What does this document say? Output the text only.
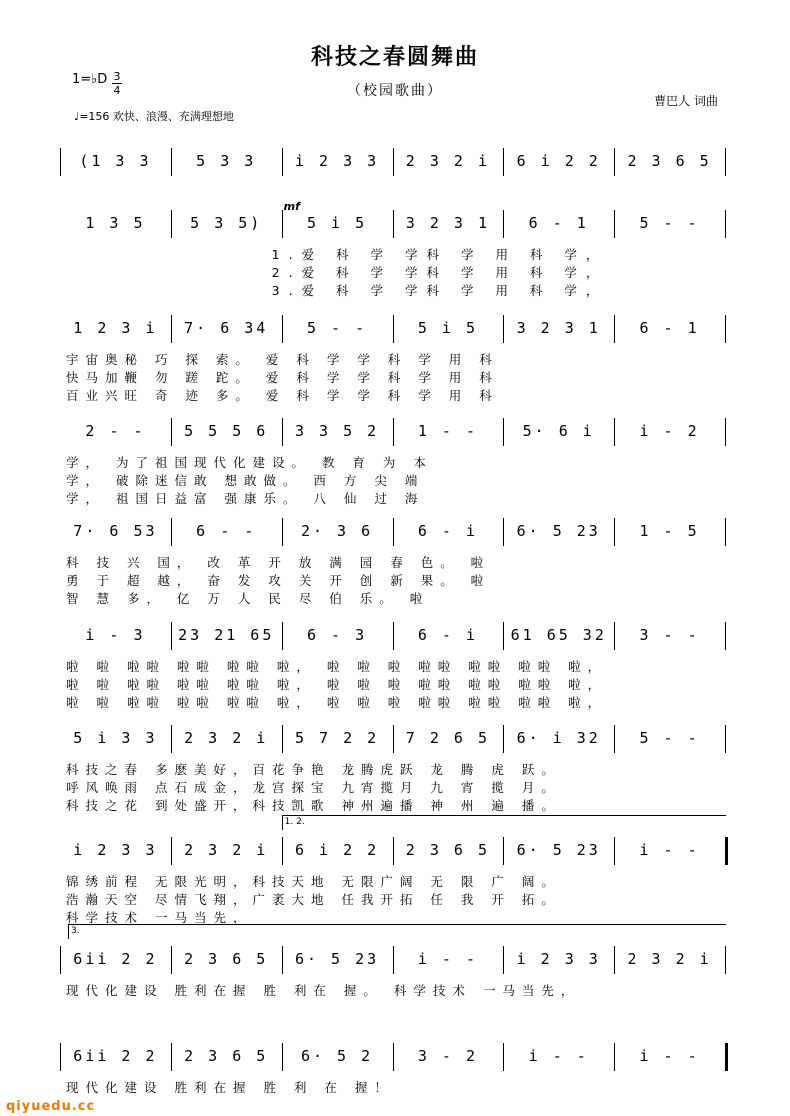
科技之春圆舞曲
（校园歌曲）
曹巴人 词曲
1=♭D 3
4
♩=156 欢快、浪漫、充满理想地
(1 3 3	5 3 3	i 2 3 3	2 3 2 i	6 i 2 2	2 3 6 5
1 3 5	5 3 5)	5 i 5	3 2 3 1	6 - 1	5 - -
mf
1.爱 科 学 学科 学 用 科 学，
2.爱 科 学 学科 学 用 科 学，
3.爱 科 学 学科 学 用 科 学，
1 2 3 i	7· 6 34	5 - -	5 i 5	3 2 3 1	6 - 1
宇宙奥秘 巧 探 索。 爱 科 学 学 科 学 用 科
快马加鞭 勿 蹉 跎。 爱 科 学 学 科 学 用 科
百业兴旺 奇 迹 多。 爱 科 学 学 科 学 用 科
2 - -	5 5 5 6	3 3 5 2	1 - -	5· 6 i	i - 2
学， 为了祖国现代化建设。 教 育 为 本
学， 破除迷信敢 想敢做。 西 方 尖 端
学， 祖国日益富 强康乐。 八 仙 过 海
7· 6 53	6 - -	2· 3 6	6 - i	6· 5 23	1 - 5
科 技 兴 国， 改 革 开 放 满 园 春 色。 啦
勇 于 超 越， 奋 发 攻 关 开 创 新 果。 啦
智 慧 多， 亿 万 人 民 尽 伯 乐。 啦
i - 3	23 21 65	6 - 3	6 - i	61 65 32	3 - -
啦 啦 啦啦 啦啦 啦啦 啦， 啦 啦 啦 啦啦 啦啦 啦啦 啦，
啦 啦 啦啦 啦啦 啦啦 啦， 啦 啦 啦 啦啦 啦啦 啦啦 啦，
啦 啦 啦啦 啦啦 啦啦 啦， 啦 啦 啦 啦啦 啦啦 啦啦 啦，
5 i 3 3	2 3 2 i	5 7 2 2	7 2 6 5	6· i 32	5 - -
科技之春 多麽美好，百花争艳 龙腾虎跃 龙 腾 虎 跃。
呼风唤雨 点石成金，龙宫探宝 九宵揽月 九 宵 揽 月。
科技之花 到处盛开，科技凯歌 神州遍播 神 州 遍 播。
i 2 3 3	2 3 2 i	6 i 2 2	2 3 6 5	6· 5 23	i - -
1. 2.
锦绣前程 无限光明，科技天地 无限广阔 无 限 广 阔。
浩瀚天空 尽情飞翔，广袤大地 任我开拓 任 我 开 拓。
科学技术 一马当先，
6ii 2 2	2 3 6 5	6· 5 23	i - -	i 2 3 3	2 3 2 i
3.
现代化建设 胜利在握 胜 利在 握。 科学技术 一马当先，
6ii 2 2	2 3 6 5	6· 5 2	3 - 2	i - -	i - -
现代化建设 胜利在握 胜 利 在 握！
qiyuedu.cc
